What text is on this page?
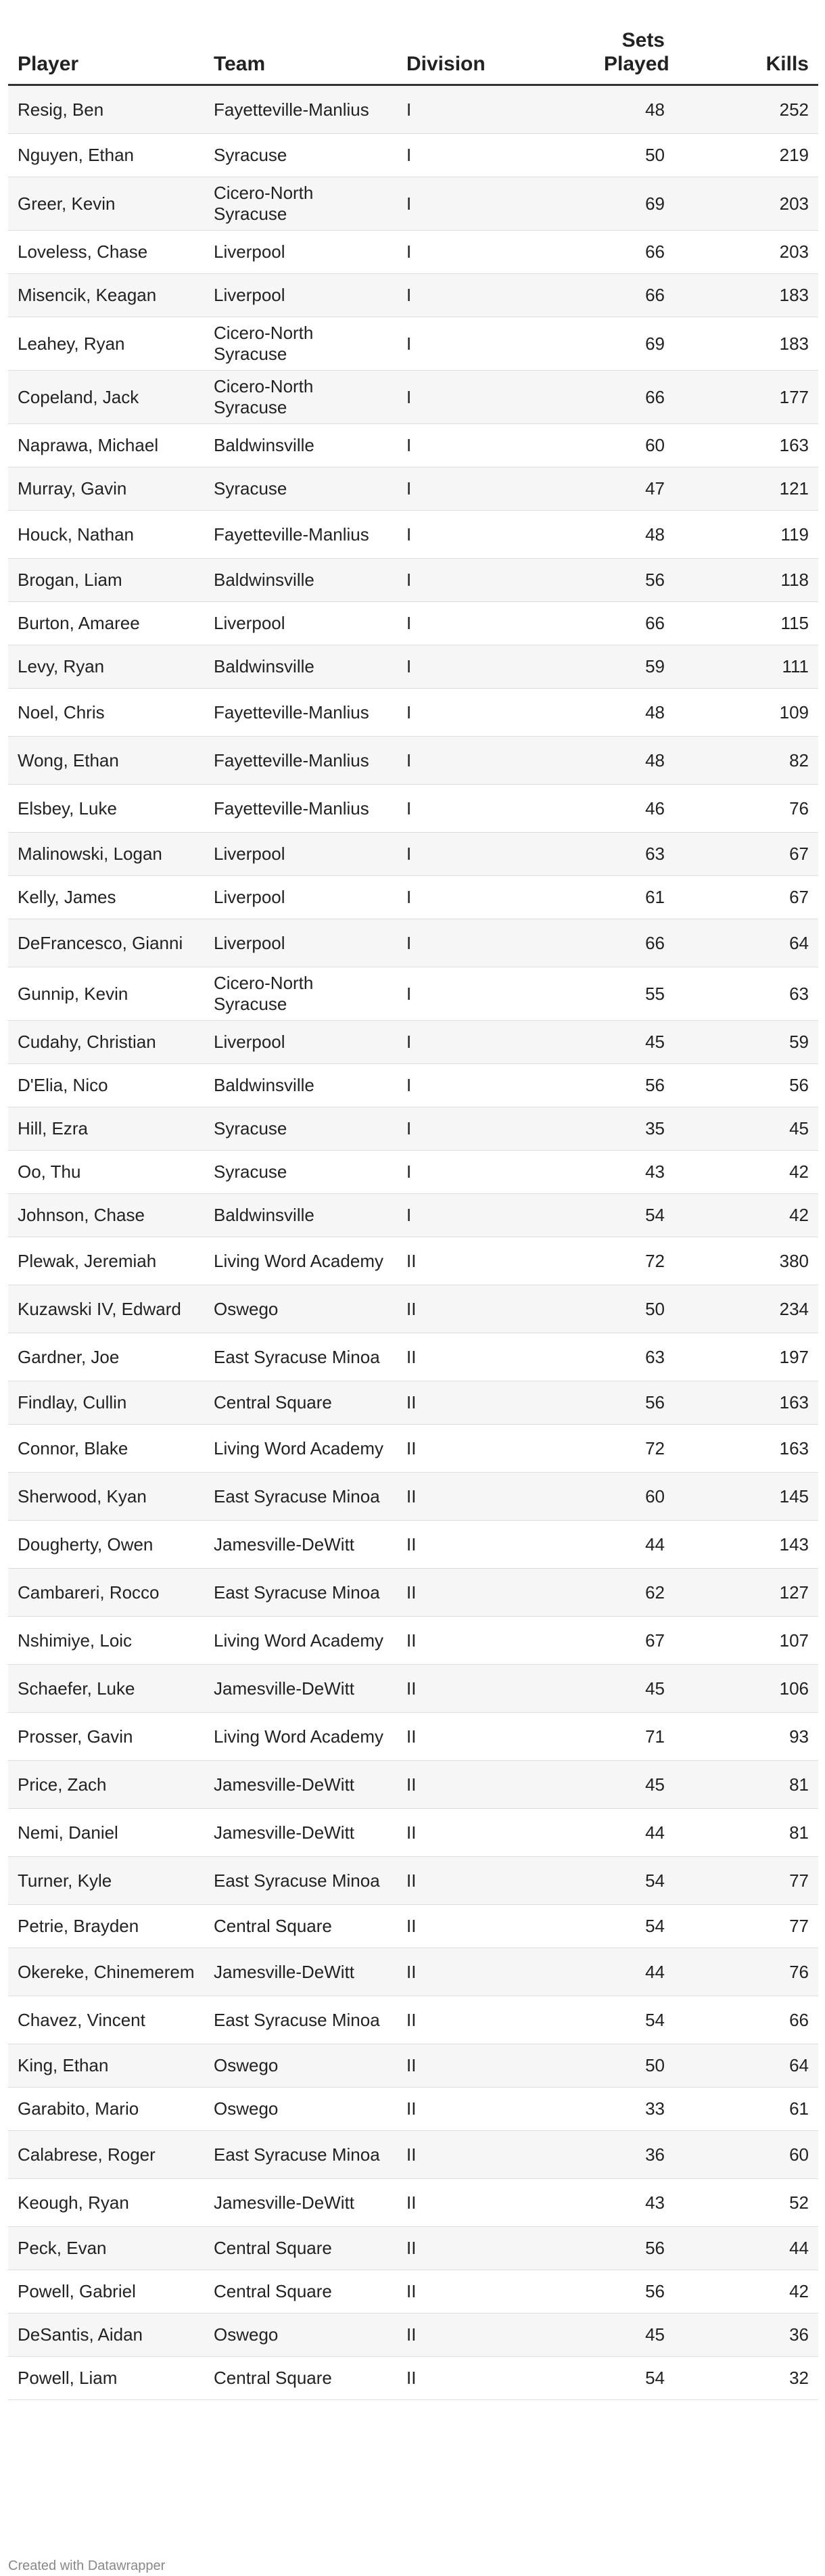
Player	Team	Division	Sets Played	Kills
Resig, Ben	Fayetteville-Manlius	I	48	252
Nguyen, Ethan	Syracuse	I	50	219
Greer, Kevin	Cicero-North Syracuse	I	69	203
Loveless, Chase	Liverpool	I	66	203
Misencik, Keagan	Liverpool	I	66	183
Leahey, Ryan	Cicero-North Syracuse	I	69	183
Copeland, Jack	Cicero-North Syracuse	I	66	177
Naprawa, Michael	Baldwinsville	I	60	163
Murray, Gavin	Syracuse	I	47	121
Houck, Nathan	Fayetteville-Manlius	I	48	119
Brogan, Liam	Baldwinsville	I	56	118
Burton, Amaree	Liverpool	I	66	115
Levy, Ryan	Baldwinsville	I	59	111
Noel, Chris	Fayetteville-Manlius	I	48	109
Wong, Ethan	Fayetteville-Manlius	I	48	82
Elsbey, Luke	Fayetteville-Manlius	I	46	76
Malinowski, Logan	Liverpool	I	63	67
Kelly, James	Liverpool	I	61	67
DeFrancesco, Gianni	Liverpool	I	66	64
Gunnip, Kevin	Cicero-North Syracuse	I	55	63
Cudahy, Christian	Liverpool	I	45	59
D'Elia, Nico	Baldwinsville	I	56	56
Hill, Ezra	Syracuse	I	35	45
Oo, Thu	Syracuse	I	43	42
Johnson, Chase	Baldwinsville	I	54	42
Plewak, Jeremiah	Living Word Academy	II	72	380
Kuzawski IV, Edward	Oswego	II	50	234
Gardner, Joe	East Syracuse Minoa	II	63	197
Findlay, Cullin	Central Square	II	56	163
Connor, Blake	Living Word Academy	II	72	163
Sherwood, Kyan	East Syracuse Minoa	II	60	145
Dougherty, Owen	Jamesville-DeWitt	II	44	143
Cambareri, Rocco	East Syracuse Minoa	II	62	127
Nshimiye, Loic	Living Word Academy	II	67	107
Schaefer, Luke	Jamesville-DeWitt	II	45	106
Prosser, Gavin	Living Word Academy	II	71	93
Price, Zach	Jamesville-DeWitt	II	45	81
Nemi, Daniel	Jamesville-DeWitt	II	44	81
Turner, Kyle	East Syracuse Minoa	II	54	77
Petrie, Brayden	Central Square	II	54	77
Okereke, Chinemerem	Jamesville-DeWitt	II	44	76
Chavez, Vincent	East Syracuse Minoa	II	54	66
King, Ethan	Oswego	II	50	64
Garabito, Mario	Oswego	II	33	61
Calabrese, Roger	East Syracuse Minoa	II	36	60
Keough, Ryan	Jamesville-DeWitt	II	43	52
Peck, Evan	Central Square	II	56	44
Powell, Gabriel	Central Square	II	56	42
DeSantis, Aidan	Oswego	II	45	36
Powell, Liam	Central Square	II	54	32
Created with Datawrapper
